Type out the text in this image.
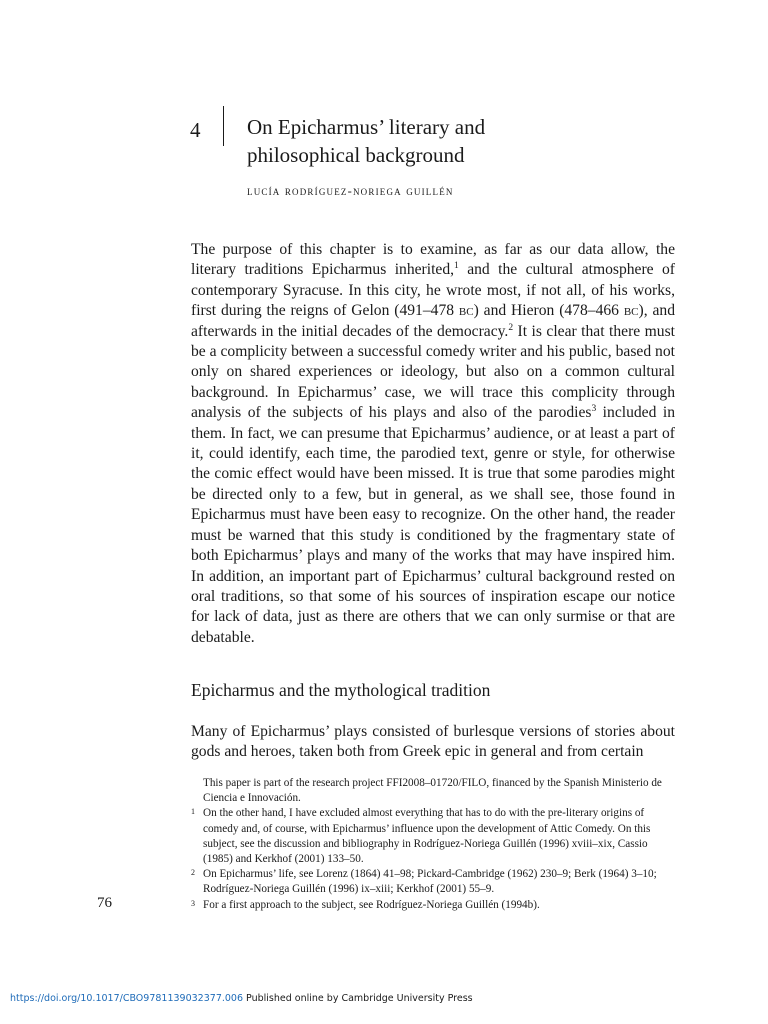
4 On Epicharmus’ literary and
philosophical background
lucía rodríguez-noriega guillén

The purpose of this chapter is to examine, as far as our data allow, the literary traditions Epicharmus inherited,$^1$ and the cultural atmosphere of contemporary Syracuse. In this city, he wrote most, if not all, of his works, first during the reigns of Gelon (491–478 bc) and Hieron (478–466 bc), and afterwards in the initial decades of the democracy.$^2$ It is clear that there must be a complicity between a successful comedy writer and his public, based not only on shared experiences or ideology, but also on a common cultural background. In Epicharmus’ case, we will trace this complicity through analysis of the subjects of his plays and also of the parodies$^3$ included in them. In fact, we can presume that Epicharmus’ audience, or at least a part of it, could identify, each time, the parodied text, genre or style, for otherwise the comic effect would have been missed. It is true that some parodies might be directed only to a few, but in general, as we shall see, those found in Epicharmus must have been easy to recognize. On the other hand, the reader must be warned that this study is conditioned by the fragmentary state of both Epicharmus’ plays and many of the works that may have inspired him. In addition, an important part of Epicharmus’ cultural background rested on oral traditions, so that some of his sources of inspiration escape our notice for lack of data, just as there are others that we can only surmise or that are debatable.

Epicharmus and the mythological tradition

Many of Epicharmus’ plays consisted of burlesque versions of stories about gods and heroes, taken both from Greek epic in general and from certain

This paper is part of the research project FFI2008–01720/FILO, financed by the Spanish Ministerio de Ciencia e Innovación.
1 On the other hand, I have excluded almost everything that has to do with the pre-literary origins of comedy and, of course, with Epicharmus’ influence upon the development of Attic Comedy. On this subject, see the discussion and bibliography in Rodríguez-Noriega Guillén (1996) xviii–xix, Cassio (1985) and Kerkhof (2001) 133–50.
2 On Epicharmus’ life, see Lorenz (1864) 41–98; Pickard-Cambridge (1962) 230–9; Berk (1964) 3–10; Rodríguez-Noriega Guillén (1996) ix–xiii; Kerkhof (2001) 55–9.
3 For a first approach to the subject, see Rodríguez-Noriega Guillén (1994b).
76
https://doi.org/10.1017/CBO9781139032377.006 Published online by Cambridge University Press
